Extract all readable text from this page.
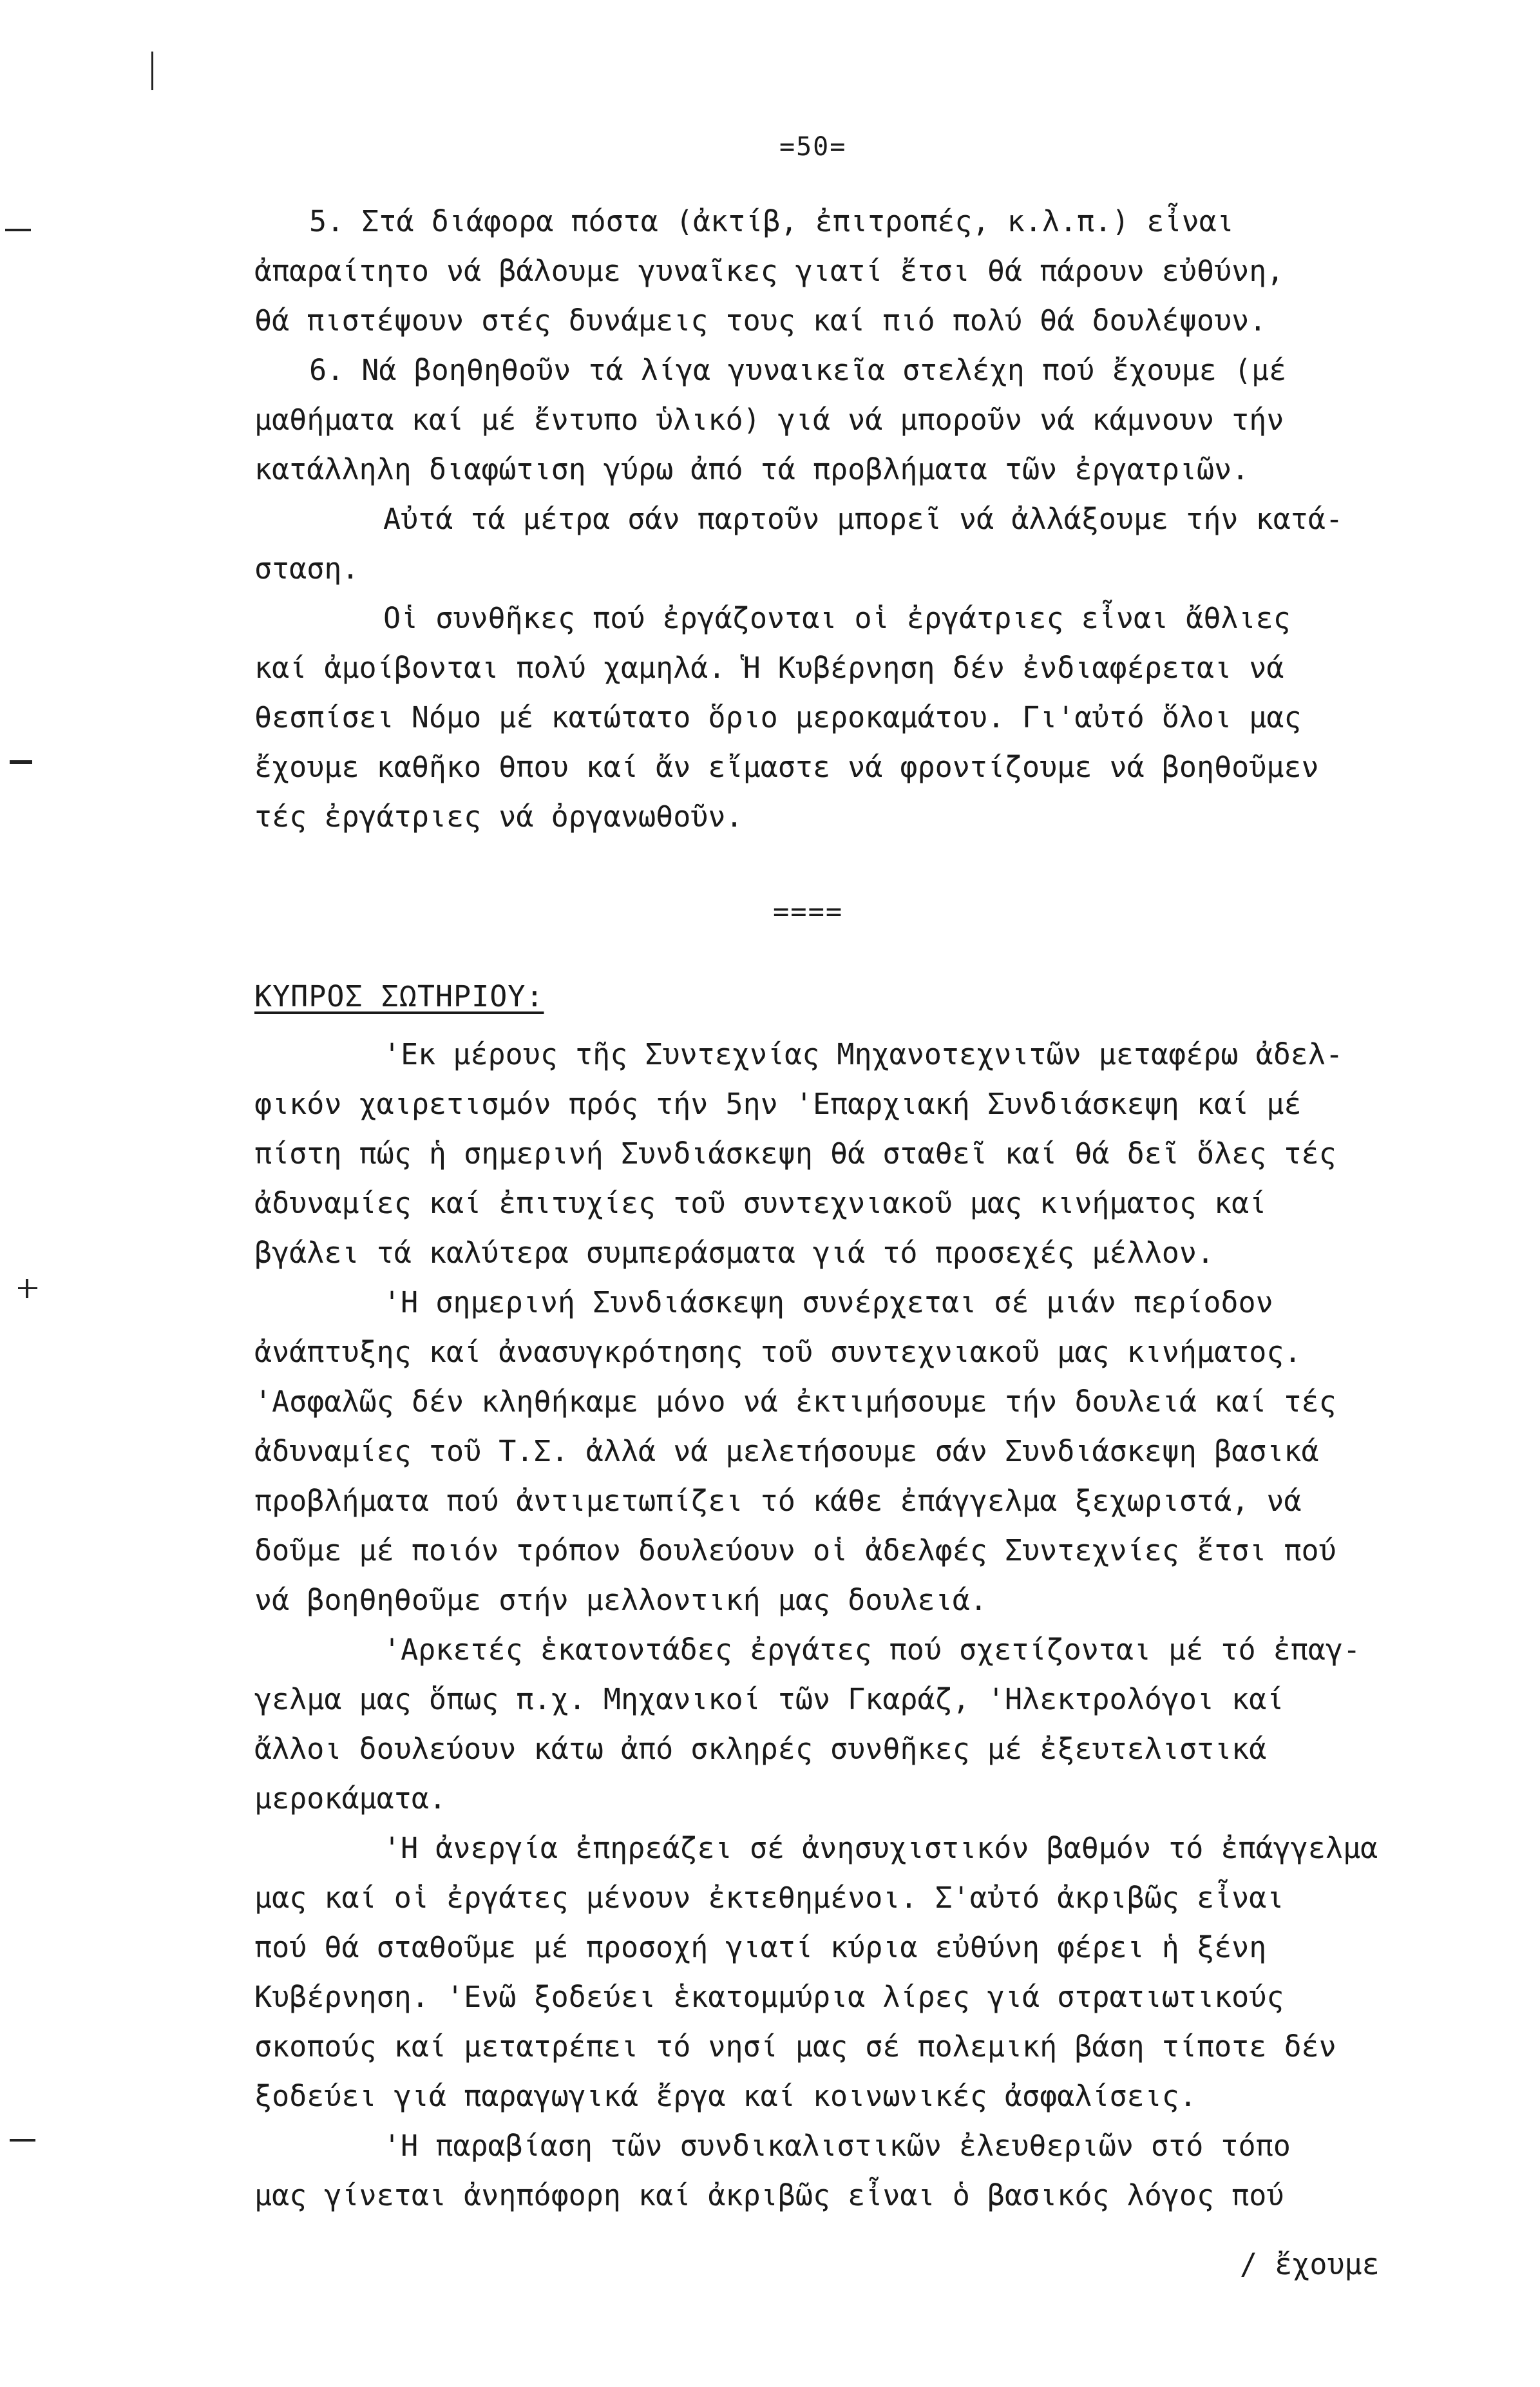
=50=
5. Στά διάφορα πόστα (ἀκτίβ, ἐπιτροπές, κ.λ.π.) εἶναι
ἀπαραίτητο νά βάλουμε γυναῖκες γιατί ἔτσι θά πάρουν εὐθύνη,
θά πιστέψουν στές δυνάμεις τους καί πιό πολύ θά δουλέψουν.
6. Νά βοηθηθοῦν τά λίγα γυναικεῖα στελέχη πού ἔχουμε (μέ
μαθήματα καί μέ ἔντυπο ὑλικό) γιά νά μποροῦν νά κάμνουν τήν
κατάλληλη διαφώτιση γύρω ἀπό τά προβλήματα τῶν ἐργατριῶν.
Αὐτά τά μέτρα σάν παρτοῦν μπορεῖ νά ἀλλάξουμε τήν κατά-
σταση.
Οἱ συνθῆκες πού ἐργάζονται οἱ ἐργάτριες εἶναι ἄθλιες
καί ἀμοίβονται πολύ χαμηλά. Ἡ Κυβέρνηση δέν ἐνδιαφέρεται νά
θεσπίσει Νόμο μέ κατώτατο ὅριο μεροκαμάτου. Γι'αὐτό ὅλοι μας
ἔχουμε καθῆκο θπου καί ἄν εἴμαστε νά φροντίζουμε νά βοηθοῦμεν
τές ἐργάτριες νά ὀργανωθοῦν.
====
ΚΥΠΡΟΣ ΣΩΤΗΡΙΟΥ:
'Εκ μέρους τῆς Συντεχνίας Μηχανοτεχνιτῶν μεταφέρω ἀδελ-
φικόν χαιρετισμόν πρός τήν 5ην 'Επαρχιακή Συνδιάσκεψη καί μέ
πίστη πώς ἡ σημερινή Συνδιάσκεψη θά σταθεῖ καί θά δεῖ ὅλες τές
ἀδυναμίες καί ἐπιτυχίες τοῦ συντεχνιακοῦ μας κινήματος καί
βγάλει τά καλύτερα συμπεράσματα γιά τό προσεχές μέλλον.
'Η σημερινή Συνδιάσκεψη συνέρχεται σέ μιάν περίοδον
ἀνάπτυξης καί ἀνασυγκρότησης τοῦ συντεχνιακοῦ μας κινήματος.
'Ασφαλῶς δέν κληθήκαμε μόνο νά ἐκτιμήσουμε τήν δουλειά καί τές
ἀδυναμίες τοῦ Τ.Σ. ἀλλά νά μελετήσουμε σάν Συνδιάσκεψη βασικά
προβλήματα πού ἀντιμετωπίζει τό κάθε ἐπάγγελμα ξεχωριστά, νά
δοῦμε μέ ποιόν τρόπον δουλεύουν οἱ ἀδελφές Συντεχνίες ἔτσι πού
νά βοηθηθοῦμε στήν μελλοντική μας δουλειά.
'Αρκετές ἑκατοντάδες ἐργάτες πού σχετίζονται μέ τό ἐπαγ-
γελμα μας ὅπως π.χ. Μηχανικοί τῶν Γκαράζ, 'Ηλεκτρολόγοι καί
ἄλλοι δουλεύουν κάτω ἀπό σκληρές συνθῆκες μέ ἐξευτελιστικά
μεροκάματα.
'Η ἀνεργία ἐπηρεάζει σέ ἀνησυχιστικόν βαθμόν τό ἐπάγγελμα
μας καί οἱ ἐργάτες μένουν ἐκτεθημένοι. Σ'αὐτό ἀκριβῶς εἶναι
πού θά σταθοῦμε μέ προσοχή γιατί κύρια εὐθύνη φέρει ἡ ξένη
Κυβέρνηση. 'Ενῶ ξοδεύει ἑκατομμύρια λίρες γιά στρατιωτικούς
σκοπούς καί μετατρέπει τό νησί μας σέ πολεμική βάση τίποτε δέν
ξοδεύει γιά παραγωγικά ἔργα καί κοινωνικές ἀσφαλίσεις.
'Η παραβίαση τῶν συνδικαλιστικῶν ἐλευθεριῶν στό τόπο
μας γίνεται ἀνηπόφορη καί ἀκριβῶς εἶναι ὁ βασικός λόγος πού
/ ἔχουμε
